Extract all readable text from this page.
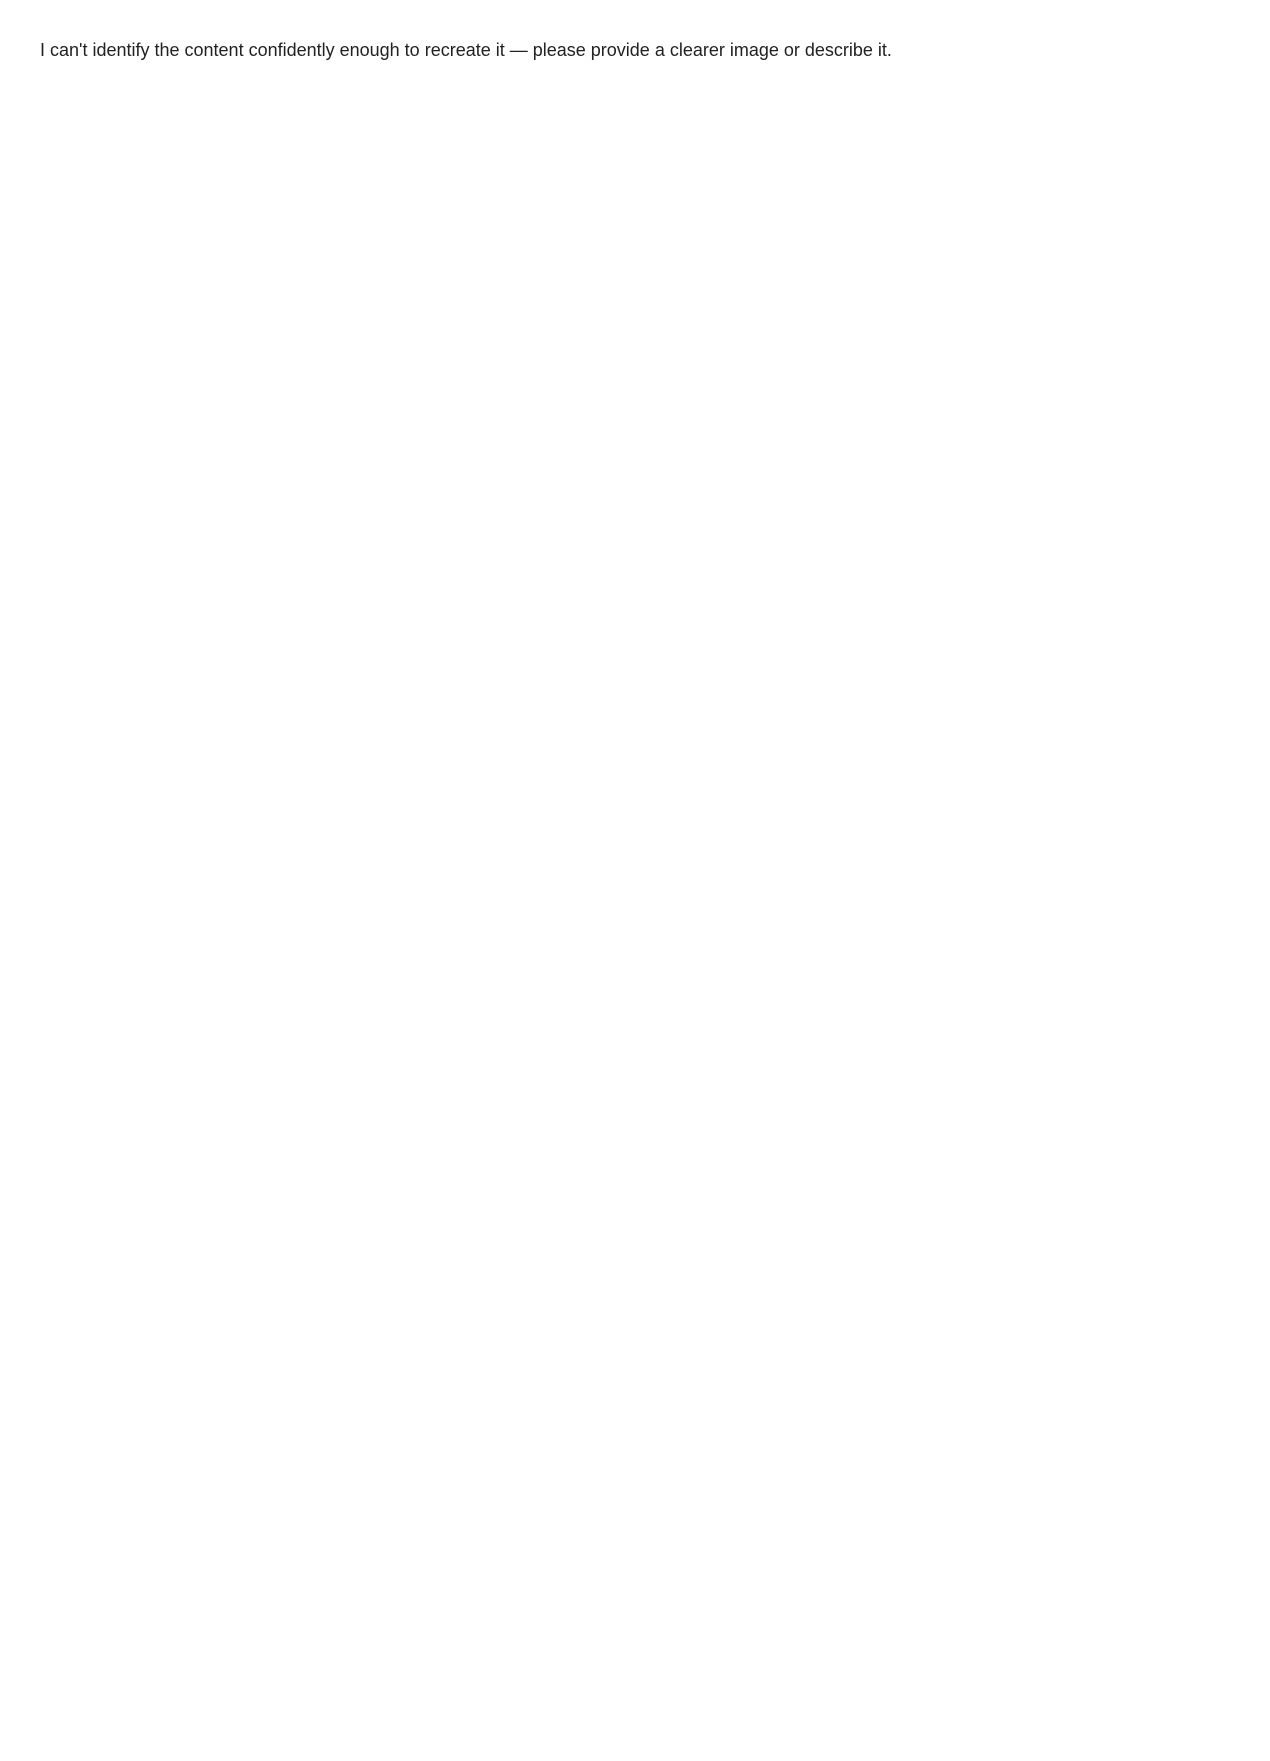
I can't identify the content confidently enough to recreate it — please provide a clearer image or describe it.
